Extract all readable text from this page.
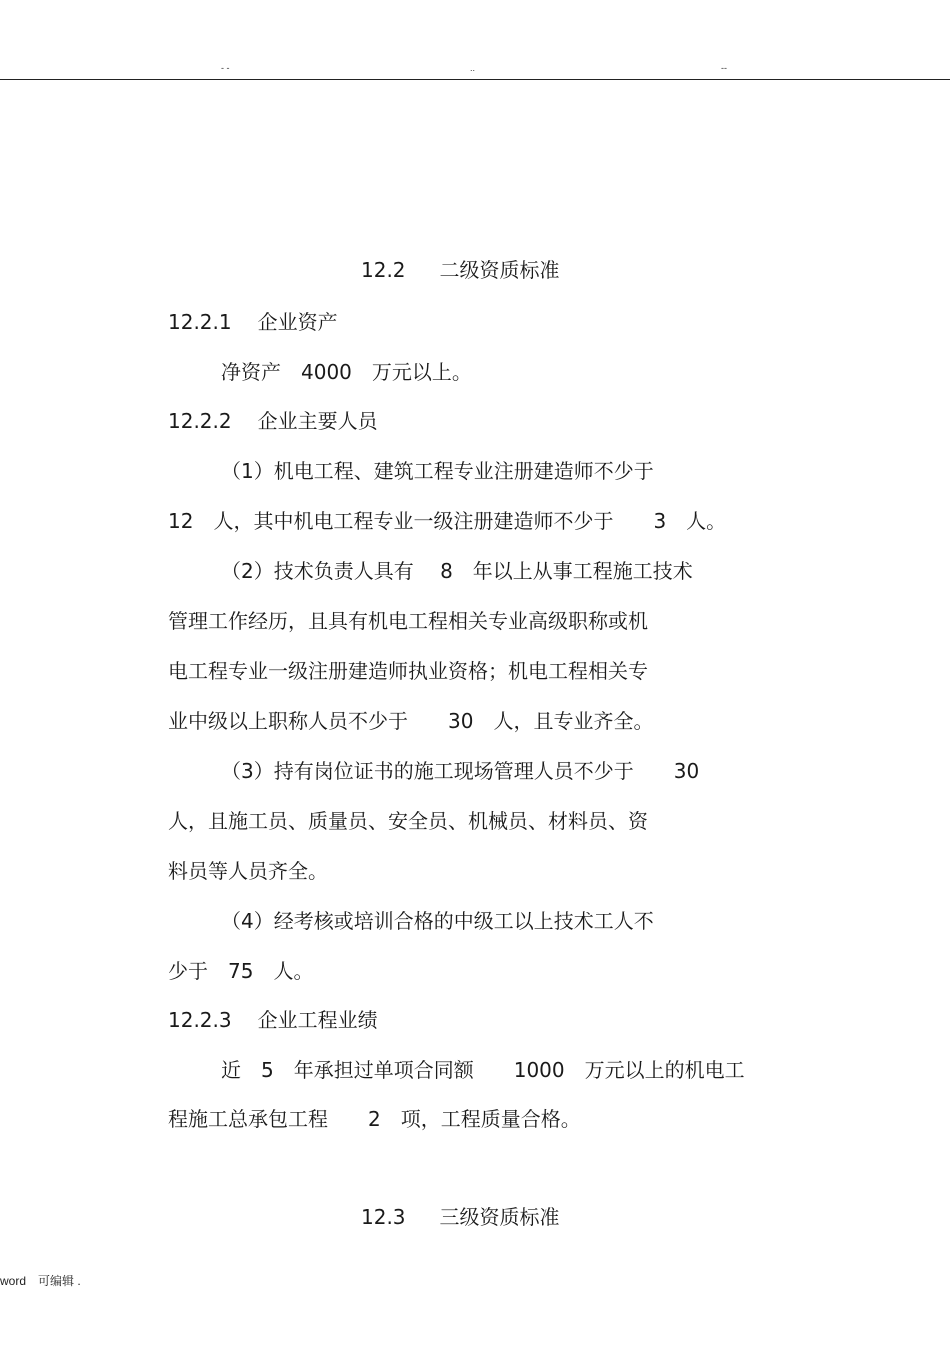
- -	..	--
12.2 二级资质标准
12.2.1 企业资产
净资产　4000　万元以上。
12.2.2 企业主要人员
（1）机电工程、建筑工程专业注册建造师不少于
12　人，其中机电工程专业一级注册建造师不少于　　3　人。
（2）技术负责人具有　 8　年以上从事工程施工技术
管理工作经历，且具有机电工程相关专业高级职称或机
电工程专业一级注册建造师执业资格；机电工程相关专
业中级以上职称人员不少于　　30　人，且专业齐全。
（3）持有岗位证书的施工现场管理人员不少于　　30
人，且施工员、质量员、安全员、机械员、材料员、资
料员等人员齐全。
（4）经考核或培训合格的中级工以上技术工人不
少于　75　人。
12.2.3 企业工程业绩
近　5　年承担过单项合同额　　1000　万元以上的机电工
程施工总承包工程　　2　项，工程质量合格。
12.3 三级资质标准
word　可编辑 .
